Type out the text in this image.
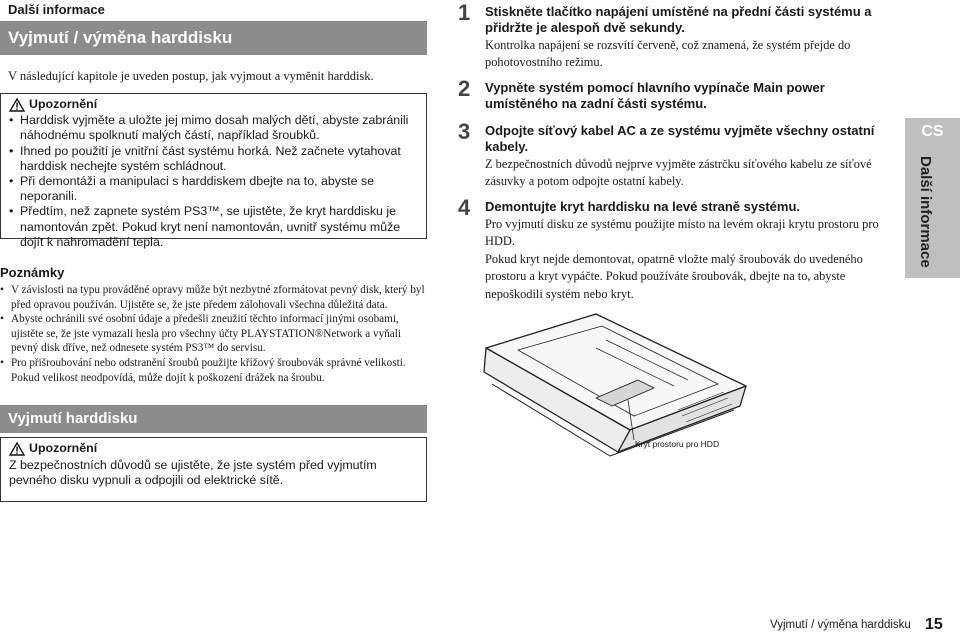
Další informace
Vyjmutí / výměna harddisku
V následující kapitole je uveden postup, jak vyjmout a vyměnit harddisk.
Upozornění
• Harddisk vyjměte a uložte jej mimo dosah malých dětí, abyste zabránili náhodnému spolknutí malých částí, například šroubků.
• Ihned po použití je vnitřní část systému horká. Než začnete vytahovat harddisk nechejte systém schládnout.
• Při demontáži a manipulaci s harddiskem dbejte na to, abyste se neporanili.
• Předtím, než zapnete systém PS3™, se ujistěte, že kryt harddisku je namontován zpět. Pokud kryt není namontován, uvnitř systému může dojít k nahromadění tepla.
Poznámky
• V závislosti na typu prováděné opravy může být nezbytné zformátovat pevný disk, který byl před opravou používán. Ujistěte se, že jste předem zálohovali všechna důležitá data.
• Abyste ochránili své osobní údaje a předešli zneužití těchto informací jinými osobami, ujistěte se, že jste vymazali hesla pro všechny účty PLAYSTATION®Network a vyňali pevný disk dříve, než odnesete systém PS3™ do servisu.
• Pro přišroubování nebo odstranění šroubů použijte křížový šroubovák správné velikosti. Pokud velikost neodpovídá, může dojít k poškození drážek na šroubu.
Vyjmutí harddisku
Upozornění
Z bezpečnostních důvodů se ujistěte, že jste systém před vyjmutím pevného disku vypnuli a odpojili od elektrické sítě.
1 Stiskněte tlačítko napájení umístěné na přední části systému a přidržte je alespoň dvě sekundy.
Kontrolka napájení se rozsvítí červeně, což znamená, že systém přejde do pohotovostního režimu.
2 Vypněte systém pomocí hlavního vypínače Main power umístěného na zadní části systému.
3 Odpojte síťový kabel AC a ze systému vyjměte všechny ostatní kabely.
Z bezpečnostních důvodů nejprve vyjměte zástrčku síťového kabelu ze síťové zásuvky a potom odpojte ostatní kabely.
4 Demontujte kryt harddisku na levé straně systému.
Pro vyjmutí disku ze systému použijte místo na levém okraji krytu prostoru pro HDD.
Pokud kryt nejde demontovat, opatrně vložte malý šroubovák do uvedeného prostoru a kryt vypáčte. Pokud používáte šroubovák, dbejte na to, abyste nepoškodili systém nebo kryt.
CS
Další informace
Kryt prostoru pro HDD
Vyjmutí / výměna harddisku 15
